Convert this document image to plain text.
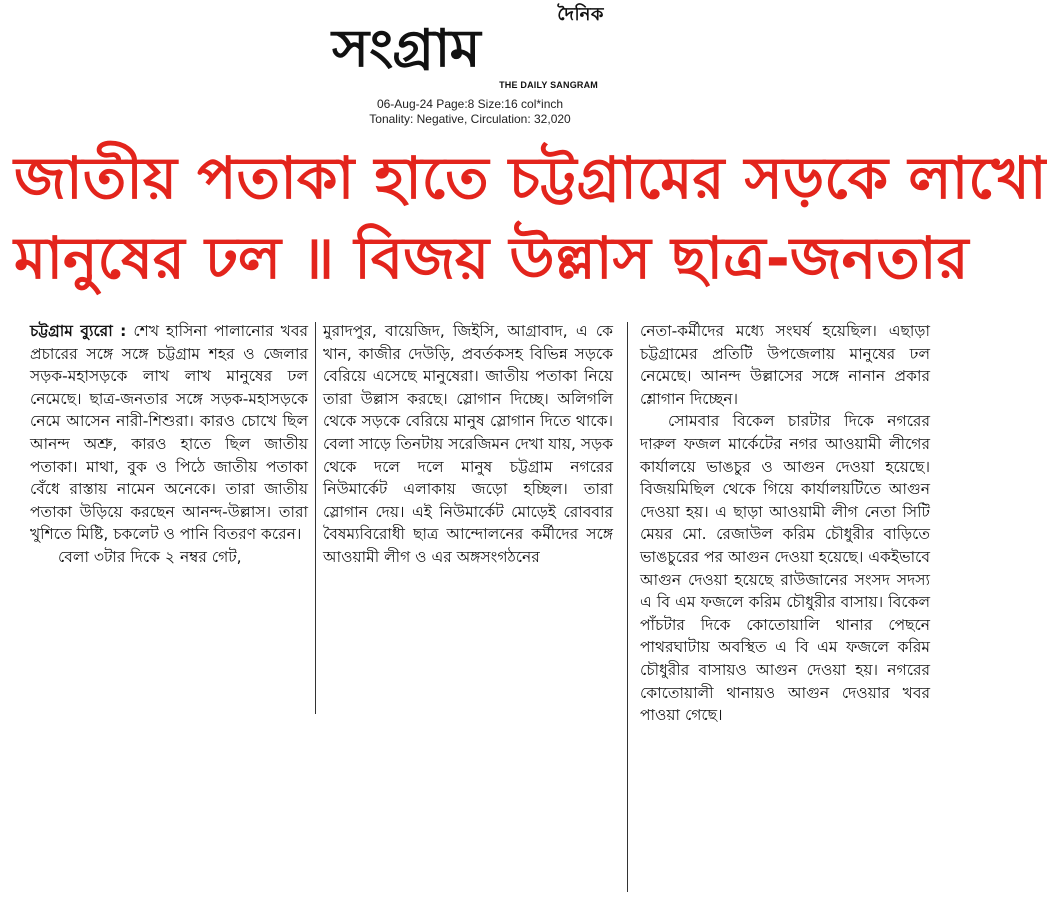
দৈনিক
সংগ্রাম
THE DAILY SANGRAM
06-Aug-24 Page:8 Size:16 col*inch
Tonality: Negative, Circulation: 32,020
জাতীয় পতাকা হাতে চট্টগ্রামের সড়কে লাখো
মানুষের ঢল ॥ বিজয় উল্লাস ছাত্র-জনতার

চট্টগ্রাম ব্যুরো : শেখ হাসিনা পালানোর খবর প্রচারের সঙ্গে সঙ্গে চট্টগ্রাম শহর ও জেলার সড়ক-মহাসড়কে লাখ লাখ মানুষের ঢল নেমেছে। ছাত্র-জনতার সঙ্গে সড়ক-মহাসড়কে নেমে আসেন নারী-শিশুরা। কারও চোখে ছিল আনন্দ অশ্রু, কারও হাতে ছিল জাতীয় পতাকা। মাথা, বুক ও পিঠে জাতীয় পতাকা বেঁধে রাস্তায় নামেন অনেকে। তারা জাতীয় পতাকা উড়িয়ে করছেন আনন্দ-উল্লাস। তারা খুশিতে মিষ্টি, চকলেট ও পানি বিতরণ করেন।

বেলা ৩টার দিকে ২ নম্বর গেট,

মুরাদপুর, বায়েজিদ, জিইসি, আগ্রাবাদ, এ কে খান, কাজীর দেউড়ি, প্রবর্তকসহ বিভিন্ন সড়কে বেরিয়ে এসেছে মানুষেরা। জাতীয় পতাকা নিয়ে তারা উল্লাস করছে। স্লোগান দিচ্ছে। অলিগলি থেকে সড়কে বেরিয়ে মানুষ স্লোগান দিতে থাকে। বেলা সাড়ে তিনটায় সরেজিমন দেখা যায়, সড়ক থেকে দলে দলে মানুষ চট্টগ্রাম নগরের নিউমার্কেট এলাকায় জড়ো হচ্ছিল। তারা স্লোগান দেয়। এই নিউমার্কেট মোড়েই রোববার বৈষম্যবিরোধী ছাত্র আন্দোলনের কর্মীদের সঙ্গে আওয়ামী লীগ ও এর অঙ্গসংগঠনের

নেতা-কর্মীদের মধ্যে সংঘর্ষ হয়েছিল। এছাড়া চট্টগ্রামের প্রতিটি উপজেলায় মানুষের ঢল নেমেছে। আনন্দ উল্লাসের সঙ্গে নানান প্রকার শ্লোগান দিচ্ছেন।

সোমবার বিকেল চারটার দিকে নগরের দারুল ফজল মার্কেটের নগর আওয়ামী লীগের কার্যালয়ে ভাঙচুর ও আগুন দেওয়া হয়েছে। বিজয়মিছিল থেকে গিয়ে কার্যালয়টিতে আগুন দেওয়া হয়। এ ছাড়া আওয়ামী লীগ নেতা সিটি মেয়র মো. রেজাউল করিম চৌধুরীর বাড়িতে ভাঙচুরের পর আগুন দেওয়া হয়েছে। একইভাবে আগুন দেওয়া হয়েছে রাউজানের সংসদ সদস্য এ বি এম ফজলে করিম চৌধুরীর বাসায়। বিকেল পাঁচটার দিকে কোতোয়ালি থানার পেছনে পাথরঘাটায় অবস্থিত এ বি এম ফজলে করিম চৌধুরীর বাসায়ও আগুন দেওয়া হয়। নগরের কোতোয়ালী থানায়ও আগুন দেওয়ার খবর পাওয়া গেছে।
